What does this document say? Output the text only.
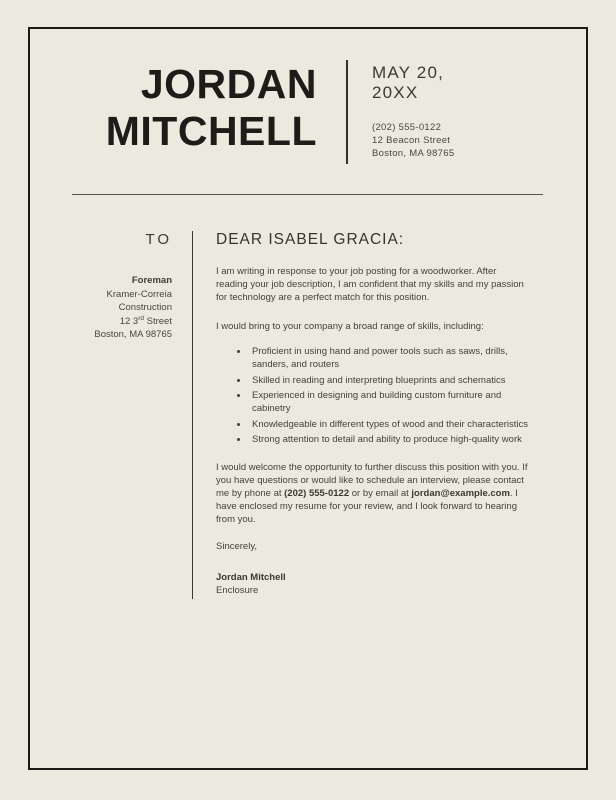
JORDAN
MITCHELL
MAY 20,
20XX
(202) 555-0122
12 Beacon Street
Boston, MA 98765
TO
Foreman
Kramer-Correia
Construction
12 3rd Street
Boston, MA 98765
DEAR ISABEL GRACIA:

I am writing in response to your job posting for a woodworker. After reading your job description, I am confident that my skills and my passion for technology are a perfect match for this position.

I would bring to your company a broad range of skills, including:

• Proficient in using hand and power tools such as saws, drills, sanders, and routers
• Skilled in reading and interpreting blueprints and schematics
• Experienced in designing and building custom furniture and cabinetry
• Knowledgeable in different types of wood and their characteristics
• Strong attention to detail and ability to produce high-quality work

I would welcome the opportunity to further discuss this position with you. If you have questions or would like to schedule an interview, please contact me by phone at (202) 555-0122 or by email at jordan@example.com. I have enclosed my resume for your review, and I look forward to hearing from you.

Sincerely,

Jordan Mitchell

Enclosure
